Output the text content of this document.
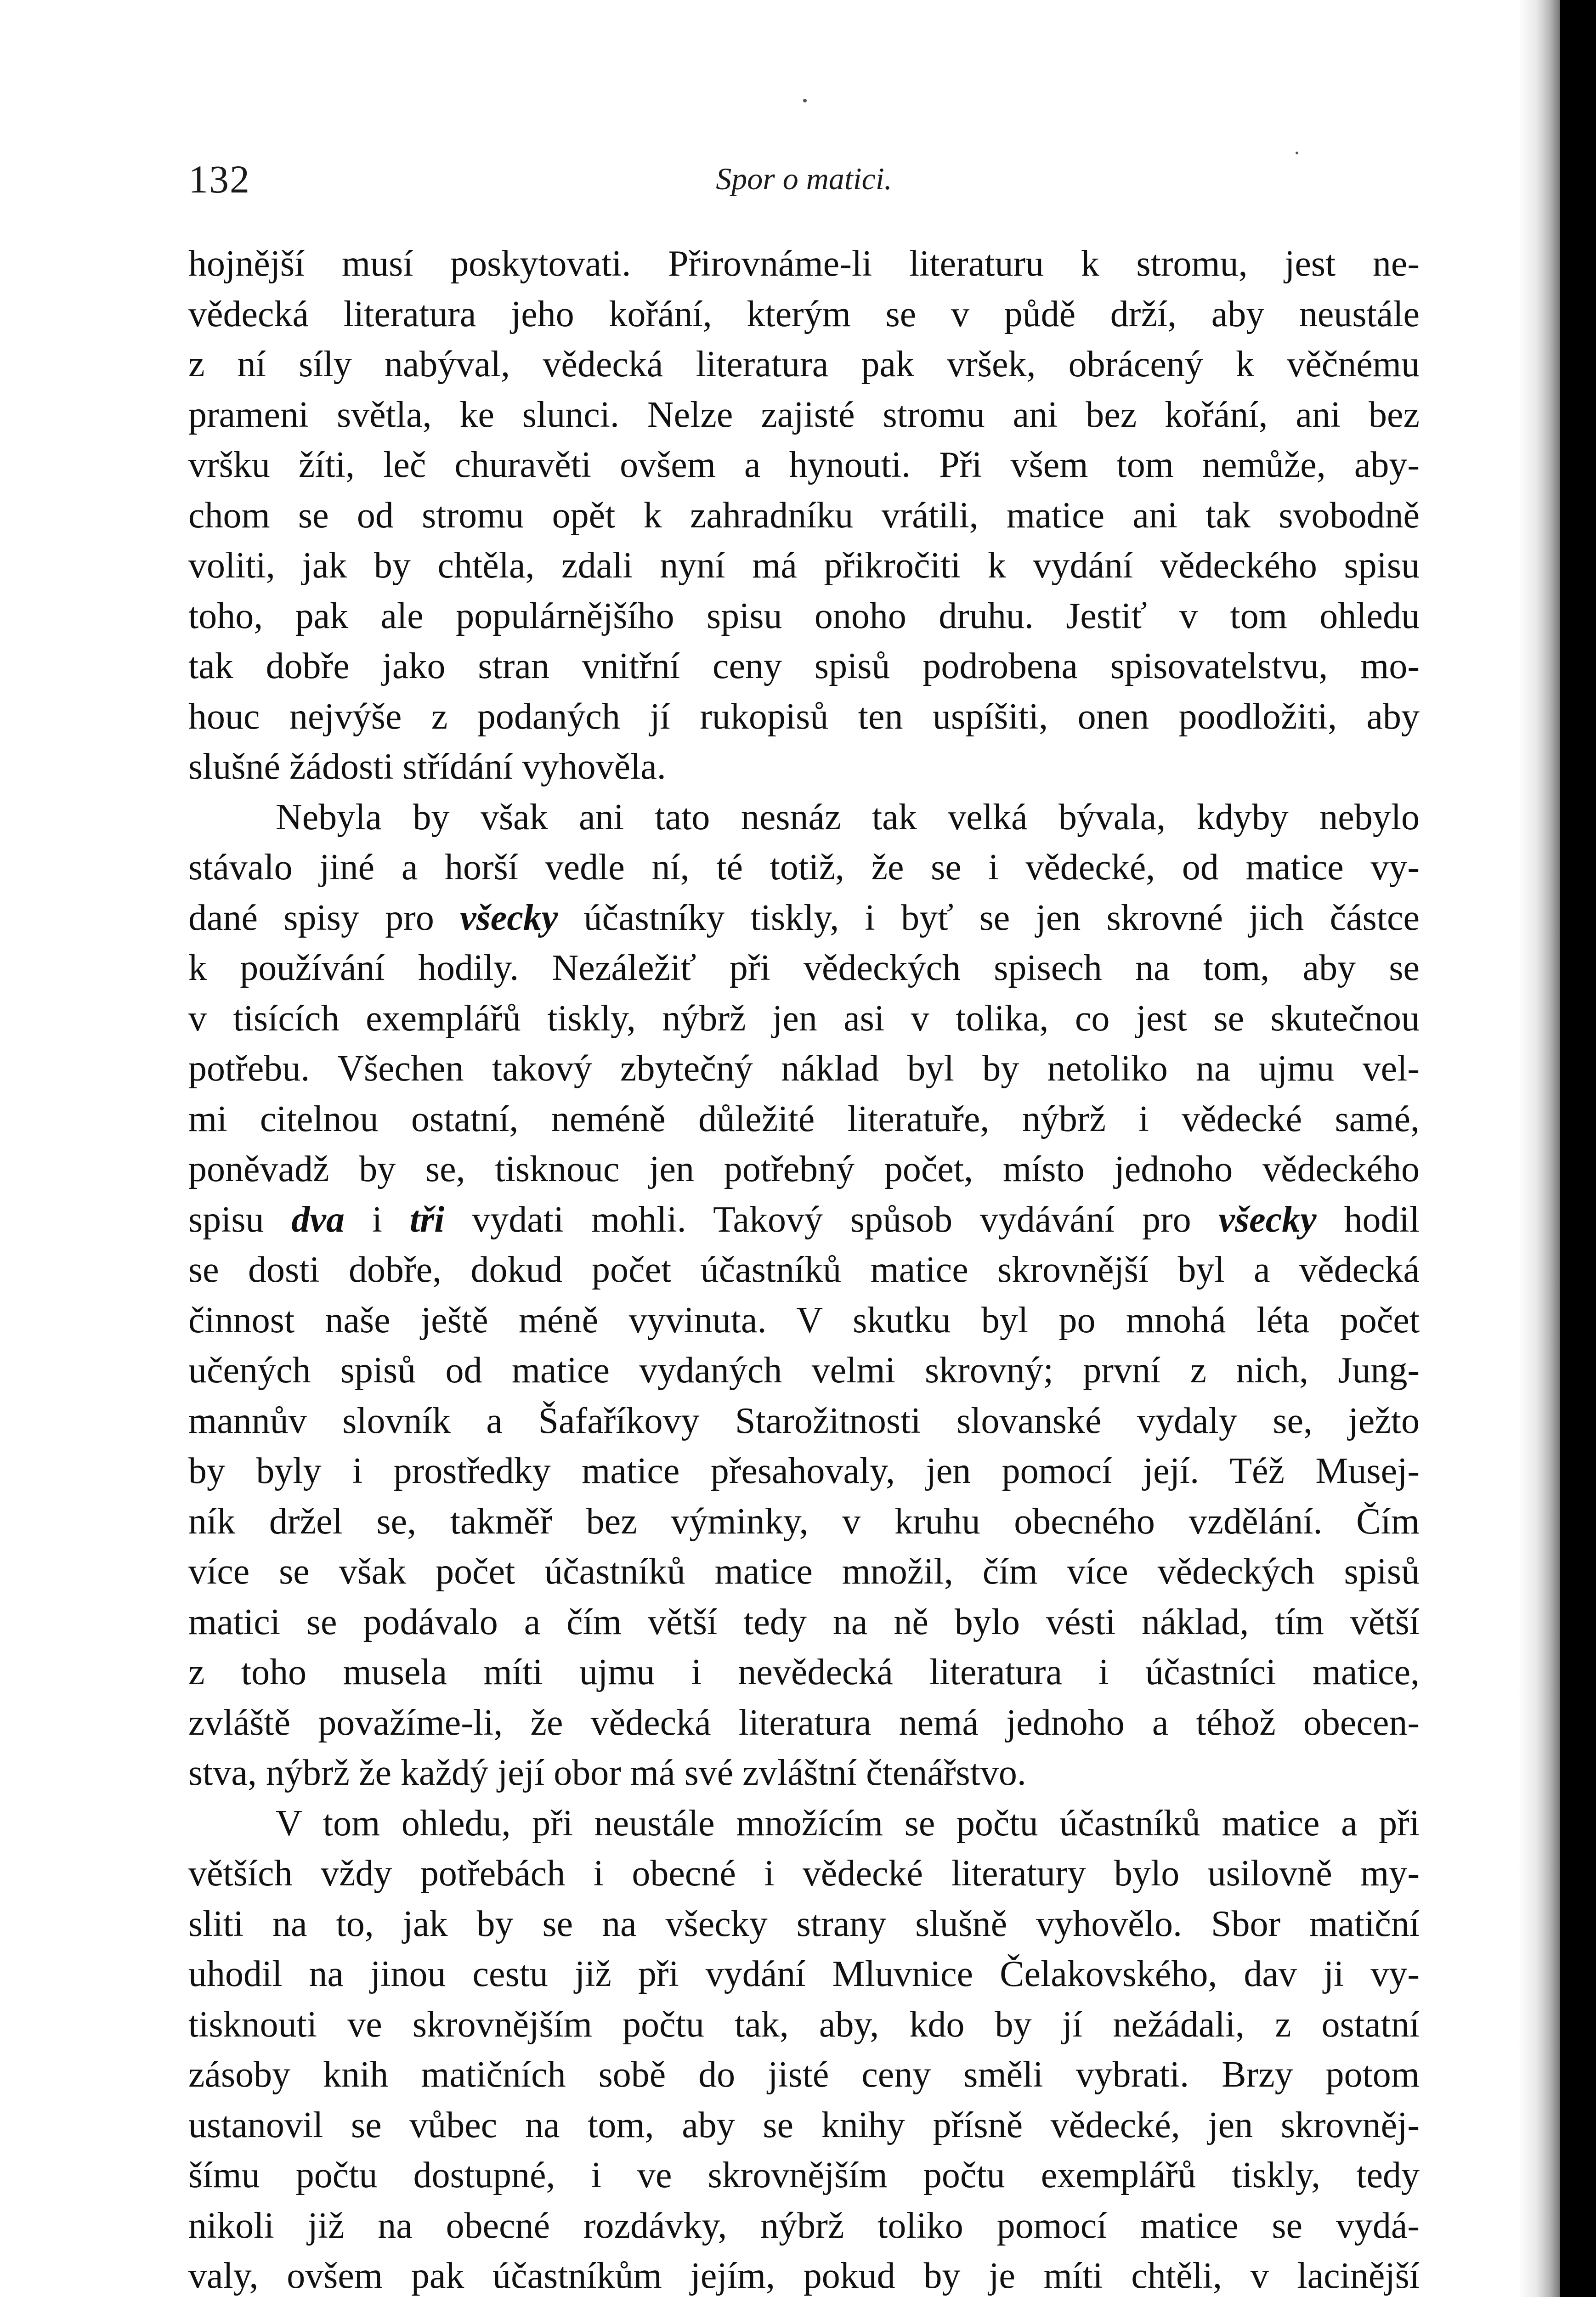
132	Spor o matici.
hojnější musí poskytovati. Přirovnáme-li literaturu k stromu, jest ne-
vědecká literatura jeho kořání, kterým se v půdě drží, aby neustále
z ní síly nabýval, vědecká literatura pak vršek, obrácený k věčnému
prameni světla, ke slunci. Nelze zajisté stromu ani bez kořání, ani bez
vršku žíti, leč churavěti ovšem a hynouti. Při všem tom nemůže, aby-
chom se od stromu opět k zahradníku vrátili, matice ani tak svobodně
voliti, jak by chtěla, zdali nyní má přikročiti k vydání vědeckého spisu
toho, pak ale populárnějšího spisu onoho druhu. Jestiť v tom ohledu
tak dobře jako stran vnitřní ceny spisů podrobena spisovatelstvu, mo-
houc nejvýše z podaných jí rukopisů ten uspíšiti, onen poodložiti, aby
slušné žádosti střídání vyhověla.
Nebyla by však ani tato nesnáz tak velká bývala, kdyby nebylo
stávalo jiné a horší vedle ní, té totiž, že se i vědecké, od matice vy-
dané spisy pro všecky účastníky tiskly, i byť se jen skrovné jich částce
k používání hodily. Nezáležiť při vědeckých spisech na tom, aby se
v tisících exemplářů tiskly, nýbrž jen asi v tolika, co jest se skutečnou
potřebu. Všechen takový zbytečný náklad byl by netoliko na ujmu vel-
mi citelnou ostatní, neméně důležité literatuře, nýbrž i vědecké samé,
poněvadž by se, tisknouc jen potřebný počet, místo jednoho vědeckého
spisu dva i tři vydati mohli. Takový spůsob vydávání pro všecky hodil
se dosti dobře, dokud počet účastníků matice skrovnější byl a vědecká
činnost naše ještě méně vyvinuta. V skutku byl po mnohá léta počet
učených spisů od matice vydaných velmi skrovný; první z nich, Jung-
mannův slovník a Šafaříkovy Starožitnosti slovanské vydaly se, ježto
by byly i prostředky matice přesahovaly, jen pomocí její. Též Musej-
ník držel se, takměř bez výminky, v kruhu obecného vzdělání. Čím
více se však počet účastníků matice množil, čím více vědeckých spisů
matici se podávalo a čím větší tedy na ně bylo vésti náklad, tím větší
z toho musela míti ujmu i nevědecká literatura i účastníci matice,
zvláště považíme-li, že vědecká literatura nemá jednoho a téhož obecen-
stva, nýbrž že každý její obor má své zvláštní čtenářstvo.
V tom ohledu, při neustále množícím se počtu účastníků matice a při
větších vždy potřebách i obecné i vědecké literatury bylo usilovně my-
sliti na to, jak by se na všecky strany slušně vyhovělo. Sbor matiční
uhodil na jinou cestu již při vydání Mluvnice Čelakovského, dav ji vy-
tisknouti ve skrovnějším počtu tak, aby, kdo by jí nežádali, z ostatní
zásoby knih matičních sobě do jisté ceny směli vybrati. Brzy potom
ustanovil se vůbec na tom, aby se knihy přísně vědecké, jen skrovněj-
šímu počtu dostupné, i ve skrovnějším počtu exemplářů tiskly, tedy
nikoli již na obecné rozdávky, nýbrž toliko pomocí matice se vydá-
valy, ovšem pak účastníkům jejím, pokud by je míti chtěli, v lacinější
